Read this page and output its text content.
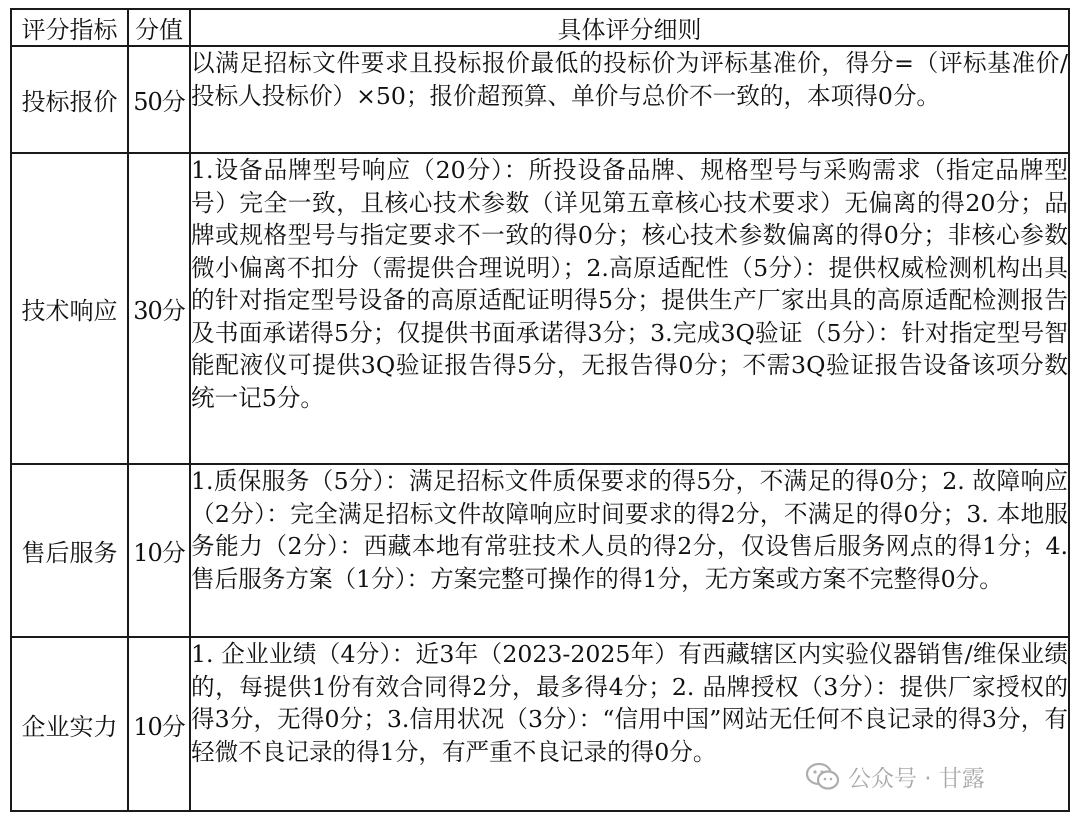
评分指标	分值	具体评分细则
投标报价	50分	以满足招标文件要求且投标报价最低的投标价为评标基准价，得分=（评标基准价/投标人投标价）×50；报价超预算、单价与总价不一致的，本项得0分。
技术响应	30分	1.设备品牌型号响应（20分）：所投设备品牌、规格型号与采购需求（指定品牌型号）完全一致，且核心技术参数（详见第五章核心技术要求）无偏离的得20分；品牌或规格型号与指定要求不一致的得0分；核心技术参数偏离的得0分；非核心参数微小偏离不扣分（需提供合理说明）；2.高原适配性（5分）：提供权威检测机构出具的针对指定型号设备的高原适配证明得5分；提供生产厂家出具的高原适配检测报告及书面承诺得5分；仅提供书面承诺得3分；3.完成3Q验证（5分）：针对指定型号智能配液仪可提供3Q验证报告得5分，无报告得0分；不需3Q验证报告设备该项分数统一记5分。
售后服务	10分	1.质保服务（5分）：满足招标文件质保要求的得5分，不满足的得0分；2. 故障响应（2分）：完全满足招标文件故障响应时间要求的得2分，不满足的得0分；3. 本地服务能力（2分）：西藏本地有常驻技术人员的得2分，仅设售后服务网点的得1分；4.售后服务方案（1分）：方案完整可操作的得1分，无方案或方案不完整得0分。
企业实力	10分	1. 企业业绩（4分）：近3年（2023-2025年）有西藏辖区内实验仪器销售/维保业绩的，每提供1份有效合同得2分，最多得4分；2. 品牌授权（3分）：提供厂家授权的得3分，无得0分；3.信用状况（3分）：“信用中国”网站无任何不良记录的得3分，有轻微不良记录的得1分，有严重不良记录的得0分。
公众号 · 甘露
